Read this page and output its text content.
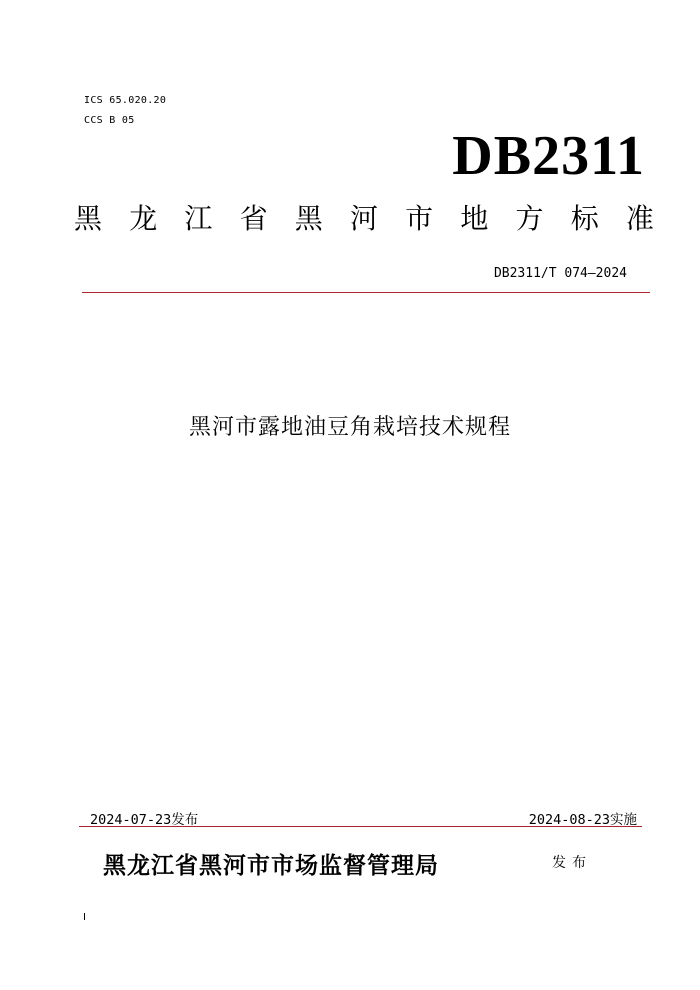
ICS 65.020.20
CCS B 05
DB2311
黑 龙 江 省 黑 河 市 地 方 标 准
DB2311/T 074—2024
黑河市露地油豆角栽培技术规程
2024-07-23发布	2024-08-23实施
黑龙江省黑河市市场监督管理局	发布
